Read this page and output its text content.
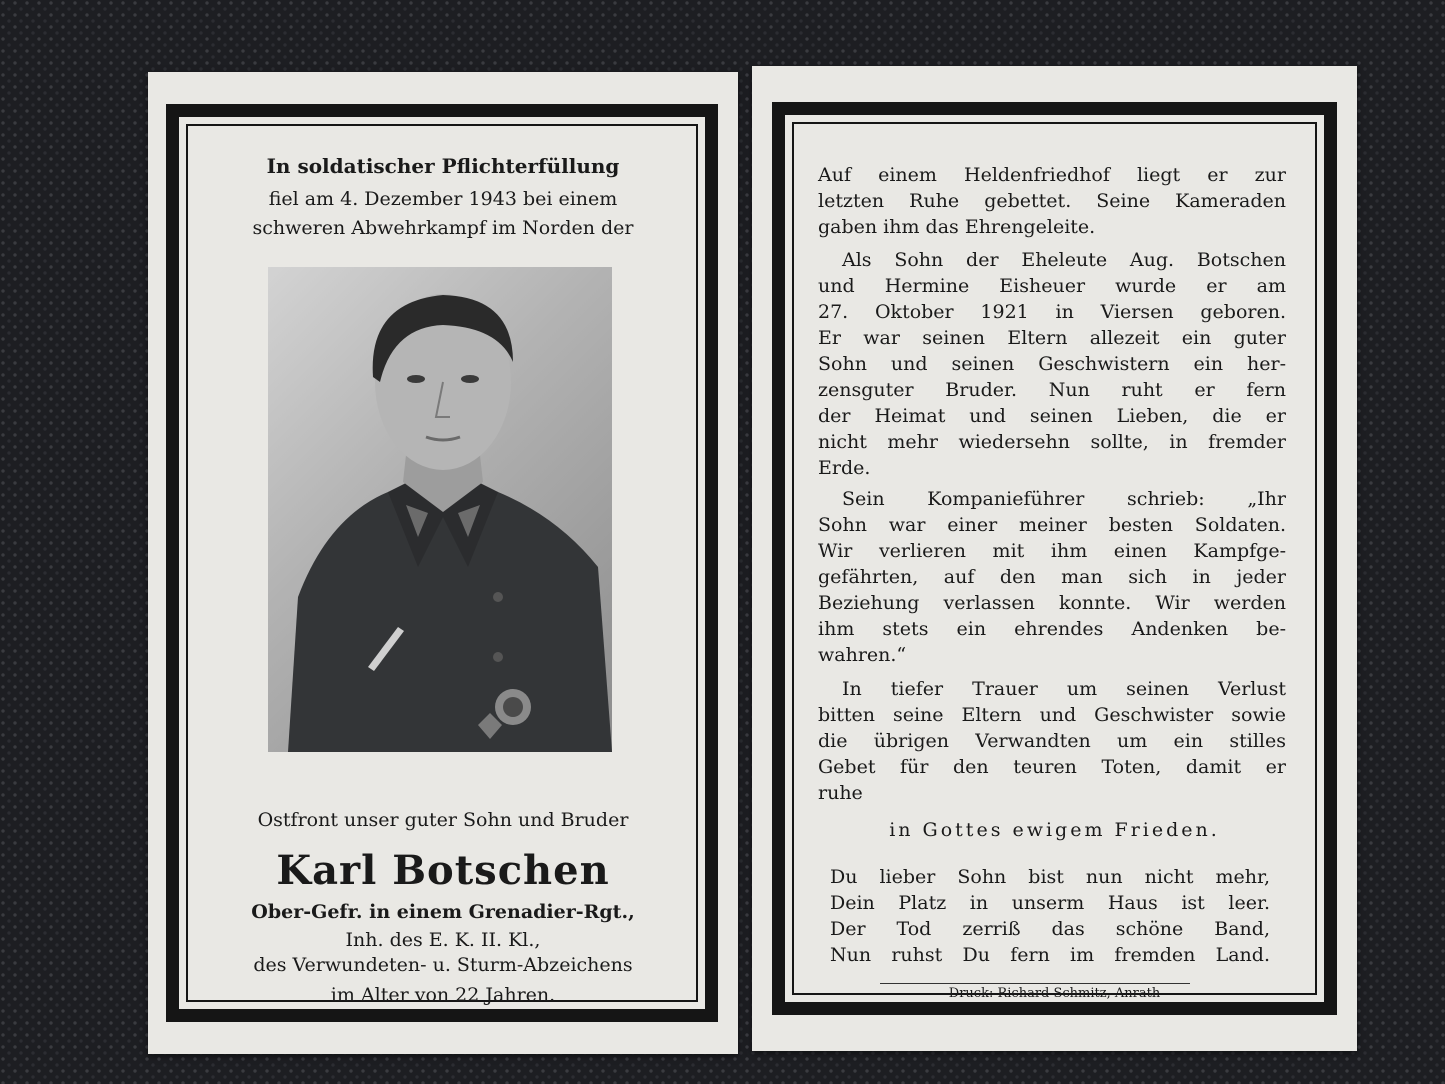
In soldatischer Pflichterfüllung
fiel am 4. Dezember 1943 bei einem
schweren Abwehrkampf im Norden der
Ostfront unser guter Sohn und Bruder
Karl Botschen
Ober-Gefr. in einem Grenadier-Rgt.,
Inh. des E. K. II. Kl.,
des Verwundeten- u. Sturm-Abzeichens
im Alter von 22 Jahren.
Auf einem Heldenfriedhof liegt er zur
letzten Ruhe gebettet. Seine Kameraden
gaben ihm das Ehrengeleite.
Als Sohn der Eheleute Aug. Botschen
und Hermine Eisheuer wurde er am
27. Oktober 1921 in Viersen geboren.
Er war seinen Eltern allezeit ein guter
Sohn und seinen Geschwistern ein her-
zensguter Bruder. Nun ruht er fern
der Heimat und seinen Lieben, die er
nicht mehr wiedersehn sollte, in fremder
Erde.
Sein Kompanieführer schrieb: „Ihr
Sohn war einer meiner besten Soldaten.
Wir verlieren mit ihm einen Kampfge-
gefährten, auf den man sich in jeder
Beziehung verlassen konnte. Wir werden
ihm stets ein ehrendes Andenken be-
wahren.“
In tiefer Trauer um seinen Verlust
bitten seine Eltern und Geschwister sowie
die übrigen Verwandten um ein stilles
Gebet für den teuren Toten, damit er
ruhe
in Gottes ewigem Frieden.
Du lieber Sohn bist nun nicht mehr,
Dein Platz in unserm Haus ist leer.
Der Tod zerriß das schöne Band,
Nun ruhst Du fern im fremden Land.
Druck: Richard Schmitz, Anrath
